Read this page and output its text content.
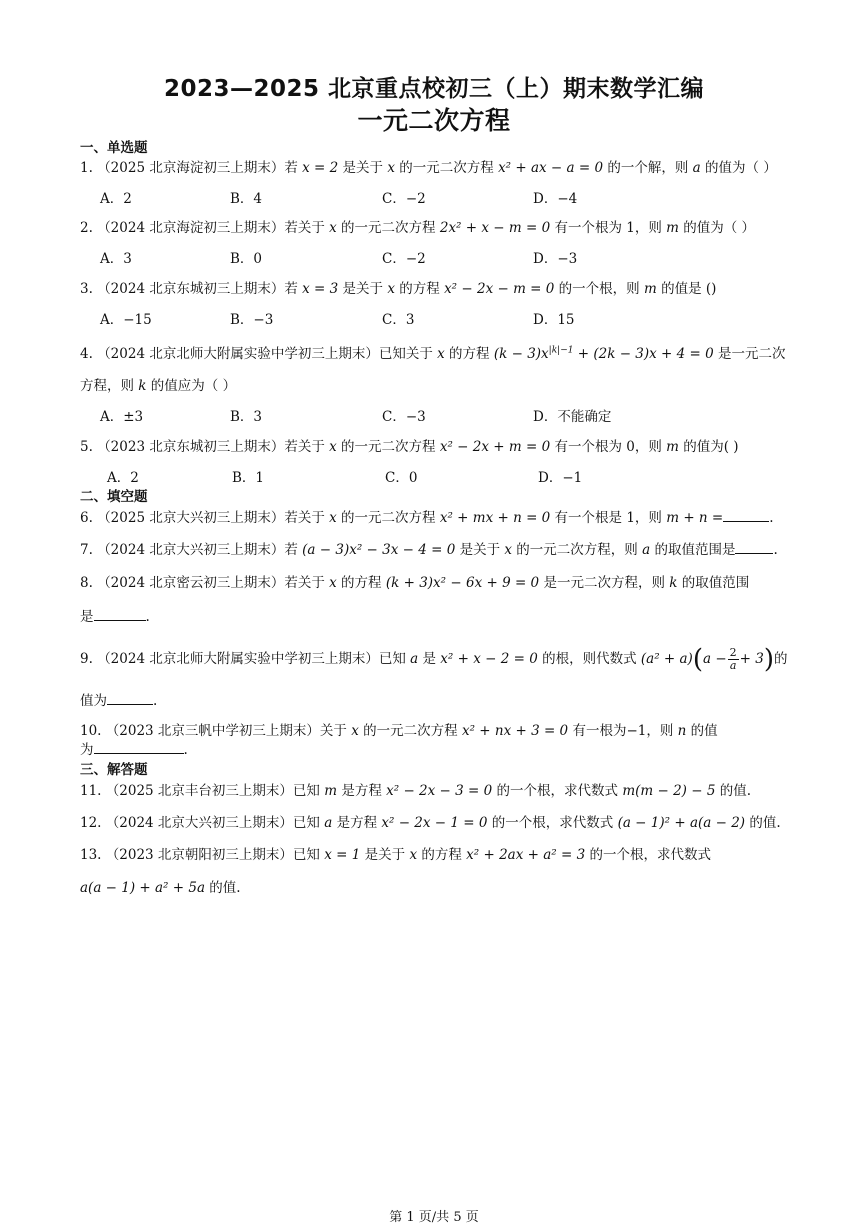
2023—2025 北京重点校初三（上）期末数学汇编
一元二次方程
一、单选题
1. （2025 北京海淀初三上期末）若 x = 2 是关于 x 的一元二次方程 x² + ax − a = 0 的一个解，则 a 的值为（ ）
A．2	B．4	C．−2	D．−4
2. （2024 北京海淀初三上期末）若关于 x 的一元二次方程 2x² + x − m = 0 有一个根为 1，则 m 的值为（ ）
A．3	B．0	C．−2	D．−3
3. （2024 北京东城初三上期末）若 x = 3 是关于 x 的方程 x² − 2x − m = 0 的一个根，则 m 的值是 ()
A．−15	B．−3	C．3	D．15
4. （2024 北京北师大附属实验中学初三上期末）已知关于 x 的方程 $(k - 3)x^{|k|-1} + (2k - 3)x + 4 = 0$ 是一元二次
方程，则 k 的值应为（ ）
A．±3	B．3	C．−3	D．不能确定
5. （2023 北京东城初三上期末）若关于 x 的一元二次方程 x² − 2x + m = 0 有一个根为 0，则 m 的值为( )
A．2	B．1	C．0	D．−1
二、填空题
6. （2025 北京大兴初三上期末）若关于 x 的一元二次方程 x² + mx + n = 0 有一个根是 1，则 m + n =	.
7. （2024 北京大兴初三上期末）若 (a − 3)x² − 3x − 4 = 0 是关于 x 的一元二次方程，则 a 的取值范围是	.
8. （2024 北京密云初三上期末）若关于 x 的方程 (k + 3)x² − 6x + 9 = 0 是一元二次方程，则 k 的取值范围
是	.
9. （2024 北京北师大附属实验中学初三上期末）已知 a 是 x² + x − 2 = 0 的根，则代数式 $(a^2 + a)(a - \frac{2}{a} + 3)$的
值为	.
10. （2023 北京三帆中学初三上期末）关于 x 的一元二次方程 x² + nx + 3 = 0 有一根为−1，则 n 的值
为	.
三、解答题
11. （2025 北京丰台初三上期末）已知 m 是方程 x² − 2x − 3 = 0 的一个根，求代数式 m(m − 2) − 5 的值.
12. （2024 北京大兴初三上期末）已知 a 是方程 x² − 2x − 1 = 0 的一个根，求代数式 (a − 1)² + a(a − 2) 的值.
13. （2023 北京朝阳初三上期末）已知 x = 1 是关于 x 的方程 x² + 2ax + a² = 3 的一个根，求代数式
a(a − 1) + a² + 5a 的值.
第 1 页/共 5 页
